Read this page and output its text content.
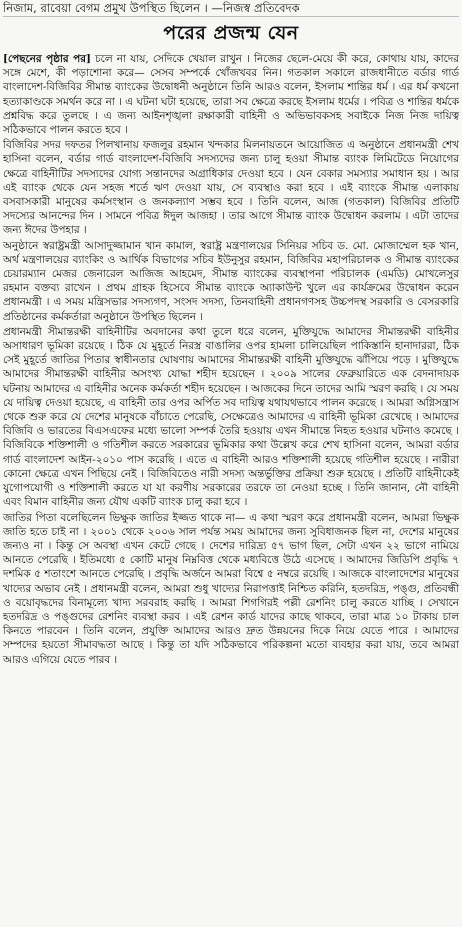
নিজাম, রাবেয়া বেগম প্রমুখ উপস্থিত ছিলেন । —নিজস্ব প্রতিবেদক
পরের প্রজন্ম যেন

[পেছনের পৃষ্ঠার পর] চলে না যায়, সেদিকে খেয়াল রাখুন । নিজের ছেলে-মেয়ে কী করে, কোথায় যায়, কাদের সঙ্গে মেশে, কী পড়াশোনা করে— সেসব সম্পর্কে খোঁজখবর নিন। গতকাল সকালে রাজধানীতে বর্ডার গার্ড বাংলাদেশ-বিজিবির সীমান্ত ব্যাংকের উদ্বোধনী অনুষ্ঠানে তিনি আরও বলেন, ইসলাম শান্তির ধর্ম । এর ধর্ম কখনো হত্যাকাণ্ডকে সমর্থন করে না । এ ঘটনা ঘটা হয়েছে, তারা সব ক্ষেত্রে করছে ইসলাম ধর্মের । পবিত্র ও শান্তির ধর্মকে প্রশ্নবিদ্ধ করে তুলছে । এ জন্য আইনশৃঙ্খলা রক্ষাকারী বাহিনী ও অভিভাবকসহ সবাইকে নিজ নিজ দায়িত্ব সঠিকভাবে পালন করতে হবে ।

বিজিবির সদর দফতর পিলখানায় ফজলুর রহমান খন্দকার মিলনায়তনে আয়োজিত এ অনুষ্ঠানে প্রধানমন্ত্রী শেখ হাসিনা বলেন, বর্ডার গার্ড বাংলাদেশ-বিজিবি সদস্যদের জন্য চালু হওয়া সীমান্ত ব্যাংক লিমিটেডে নিয়োগের ক্ষেত্রে বাহিনীটির সদস্যদের যোগ্য সন্তানদের অগ্রাধিকার দেওয়া হবে । যেন বেকার সমস্যার সমাধান হয় । আর এই ব্যাংক থেকে যেন সহজ শর্তে ঋণ দেওয়া যায়, সে ব্যবস্থাও করা হবে । এই ব্যাংকে সীমান্ত এলাকায় বসবাসকারী মানুষের কর্মসংস্থান ও জনকল্যাণ সম্ভব হবে । তিনি বলেন, আজ (গতকাল) বিজিবির প্রতিটি সদস্যের আনন্দের দিন । সামনে পবিত্র ঈদুল আজহা । তার আগে সীমান্ত ব্যাংক উদ্বোধন করলাম । এটা তাদের জন্য ঈদের উপহার ।

অনুষ্ঠানে স্বরাষ্ট্রমন্ত্রী আসাদুজ্জামান খান কামাল, স্বরাষ্ট্র মন্ত্রণালয়ের সিনিয়র সচিব ড. মো. মোজাম্মেল হক খান, অর্থ মন্ত্রণালয়ের ব্যাংকিং ও আর্থিক বিভাগের সচিব ইউনুসুর রহমান, বিজিবির মহাপরিচালক ও সীমান্ত ব্যাংকের চেয়ারম্যান মেজর জেনারেল আজিজ আহমেদ, সীমান্ত ব্যাংকের ব্যবস্থাপনা পরিচালক (এমডি) মোখলেসুর রহমান বক্তব্য রাখেন । প্রথম গ্রাহক হিসেবে সীমান্ত ব্যাংকে অ্যাকাউন্ট খুলে এর কার্যক্রমের উদ্বোধন করেন প্রধানমন্ত্রী । এ সময় মন্ত্রিসভার সদস্যগণ, সংসদ সদস্য, তিনবাহিনী প্রধানগণসহ উচ্চপদস্থ সরকারি ও বেসরকারি প্রতিষ্ঠানের কর্মকর্তারা অনুষ্ঠানে উপস্থিত ছিলেন ।

প্রধানমন্ত্রী সীমান্তরক্ষী বাহিনীটির অবদানের কথা তুলে ধরে বলেন, মুক্তিযুদ্ধে আমাদের সীমান্তরক্ষী বাহিনীর অসাধারণ ভূমিকা রয়েছে । ঠিক যে মুহূর্তে নিরস্ত্র বাঙালির ওপর হামলা চালিয়েছিল পাকিস্তানি হানাদাররা, ঠিক সেই মুহূর্তে জাতির পিতার স্বাধীনতার ঘোষণায় আমাদের সীমান্তরক্ষী বাহিনী মুক্তিযুদ্ধে ঝাঁপিয়ে পড়ে । মুক্তিযুদ্ধে আমাদের সীমান্তরক্ষী বাহিনীর অসংখ্য যোদ্ধা শহীদ হয়েছেন । ২০০৯ সালের ফেব্রুয়ারিতে এক বেদনাদায়ক ঘটনায় আমাদের এ বাহিনীর অনেক কর্মকর্তা শহীদ হয়েছেন । আজকের দিনে তাদের আমি স্মরণ করছি । যে সময় যে দায়িত্ব দেওয়া হয়েছে, এ বাহিনী তার ওপর অর্পিত সব দায়িত্ব যথাযথভাবে পালন করেছে । আমরা অগ্নিসন্ত্রাস থেকে শুরু করে যে দেশের মানুষকে বাঁচাতে পেরেছি, সেক্ষেত্রেও আমাদের এ বাহিনী ভূমিকা রেখেছে । আমাদের বিজিবি ও ভারতের বিএসএফের মধ্যে ভালো সম্পর্ক তৈরি হওয়ায় এখন সীমান্তে নিহত হওয়ার ঘটনাও কমেছে । বিজিবিকে শক্তিশালী ও গতিশীল করতে সরকারের ভূমিকার কথা উল্লেখ করে শেখ হাসিনা বলেন, আমরা বর্ডার গার্ড বাংলাদেশ আইন-২০১০ পাস করেছি । এতে এ বাহিনী আরও শক্তিশালী হয়েছে গতিশীল হয়েছে । নারীরা কোনো ক্ষেত্রে এখন পিছিয়ে নেই । বিজিবিতেও নারী সদস্য অন্তর্ভুক্তির প্রক্রিয়া শুরু হয়েছে । প্রতিটি বাহিনীকেই যুগোপযোগী ও শক্তিশালী করতে যা যা করণীয় সরকারের তরফে তা নেওয়া হচ্ছে । তিনি জানান, নৌ বাহিনী এবং বিমান বাহিনীর জন্য যৌথ একটি ব্যাংক চালু করা হবে ।

জাতির পিতা বলেছিলেন ভিক্ষুক জাতির ইজ্জত থাকে না— এ কথা স্মরণ করে প্রধানমন্ত্রী বলেন, আমরা ভিক্ষুক জাতি হতে চাই না । ২০০১ থেকে ২০০৬ সাল পর্যন্ত সময় আমাদের জন্য সুবিধাজনক ছিল না, দেশের মানুষের জন্যও না । কিন্তু সে অবস্থা এখন কেটে গেছে । দেশের দারিদ্র্য ৫৭ ভাগ ছিল, সেটা এখন ২২ ভাগে নামিয়ে আনতে পেরেছি । ইতিমধ্যে ৫ কোটি মানুষ নিম্নবিত্ত থেকে মধ্যবিত্তে উঠে এসেছে । আমাদের জিডিপি প্রবৃদ্ধি ৭ দশমিক ৫ শতাংশে আনতে পেরেছি । প্রবৃদ্ধি অর্জনে আমরা বিশ্বে ৫ নম্বরে রয়েছি । আজকে বাংলাদেশের মানুষের খাদ্যের অভাব নেই । প্রধানমন্ত্রী বলেন, আমরা শুধু খাদ্যের নিরাপত্তাই নিশ্চিত করিনি, হতদরিদ্র, পঙ্গু, প্রতিবন্ধী ও বয়োবৃদ্ধদের বিনামূল্যে খাদ্য সরবরাহ করছি । আমরা শিগগিরই পল্লী রেশনিং চালু করতে যাচ্ছি । সেখানে হতদরিদ্র ও পঙ্গুদের রেশনিং ব্যবস্থা করব । এই রেশন কার্ড যাদের কাছে থাকবে, তারা মাত্র ১০ টাকায় চাল কিনতে পারবেন । তিনি বলেন, প্রযুক্তি আমাদের আরও দ্রুত উন্নয়নের দিকে নিয়ে যেতে পারে । আমাদের সম্পদের হয়তো সীমাবদ্ধতা আছে । কিন্তু তা যদি সঠিকভাবে পরিকল্পনা মতো ব্যবহার করা যায়, তবে আমরা আরও এগিয়ে যেতে পারব ।
